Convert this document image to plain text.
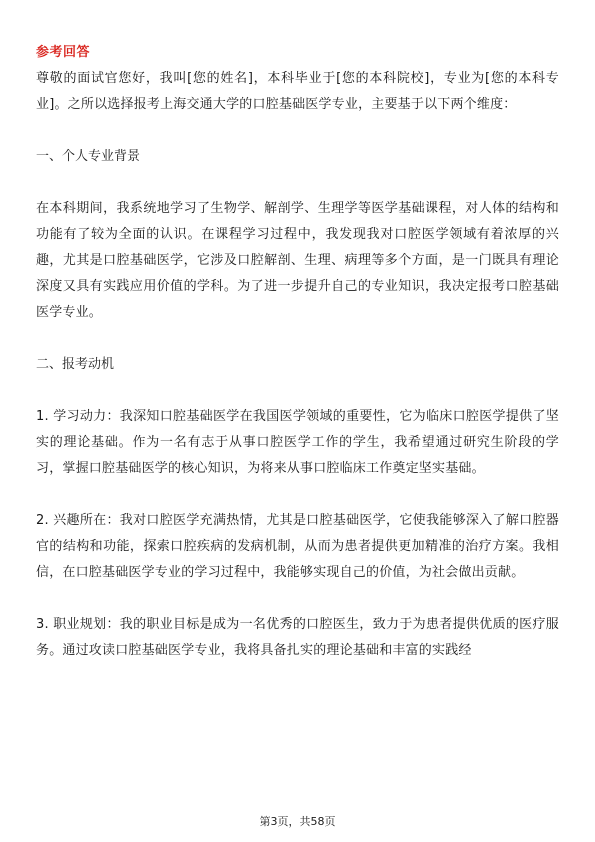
参考回答

尊敬的面试官您好，我叫[您的姓名]，本科毕业于[您的本科院校]，专业为[您的本科专业]。之所以选择报考上海交通大学的口腔基础医学专业，主要基于以下两个维度：

一、个人专业背景

在本科期间，我系统地学习了生物学、解剖学、生理学等医学基础课程，对人体的结构和功能有了较为全面的认识。在课程学习过程中，我发现我对口腔医学领域有着浓厚的兴趣，尤其是口腔基础医学，它涉及口腔解剖、生理、病理等多个方面，是一门既具有理论深度又具有实践应用价值的学科。为了进一步提升自己的专业知识，我决定报考口腔基础医学专业。

二、报考动机

1. 学习动力：我深知口腔基础医学在我国医学领域的重要性，它为临床口腔医学提供了坚实的理论基础。作为一名有志于从事口腔医学工作的学生，我希望通过研究生阶段的学习，掌握口腔基础医学的核心知识，为将来从事口腔临床工作奠定坚实基础。

2. 兴趣所在：我对口腔医学充满热情，尤其是口腔基础医学，它使我能够深入了解口腔器官的结构和功能，探索口腔疾病的发病机制，从而为患者提供更加精准的治疗方案。我相信，在口腔基础医学专业的学习过程中，我能够实现自己的价值，为社会做出贡献。

3. 职业规划：我的职业目标是成为一名优秀的口腔医生，致力于为患者提供优质的医疗服务。通过攻读口腔基础医学专业，我将具备扎实的理论基础和丰富的实践经

第3页，共58页
